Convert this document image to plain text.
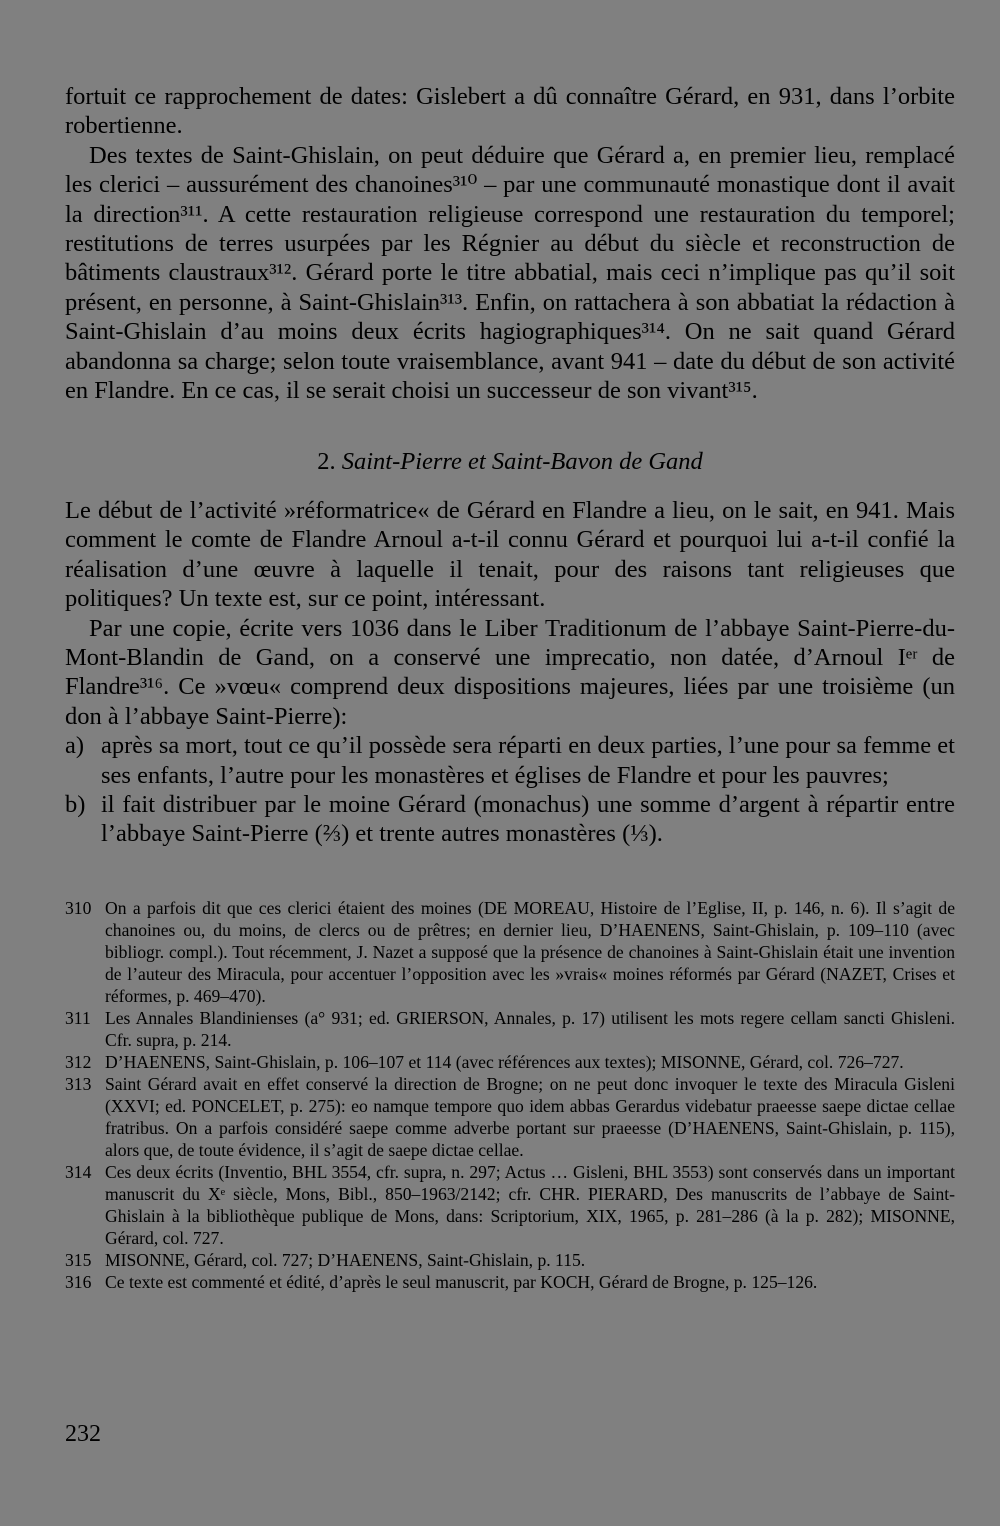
fortuit ce rapprochement de dates: Gislebert a dû connaître Gérard, en 931, dans l’orbite robertienne.

Des textes de Saint-Ghislain, on peut déduire que Gérard a, en premier lieu, remplacé les clerici – aussurément des chanoines³¹⁰ – par une communauté monastique dont il avait la direction³¹¹. A cette restauration religieuse correspond une restauration du temporel; restitutions de terres usurpées par les Régnier au début du siècle et reconstruction de bâtiments claustraux³¹². Gérard porte le titre abbatial, mais ceci n’implique pas qu’il soit présent, en personne, à Saint-Ghislain³¹³. Enfin, on rattachera à son abbatiat la rédaction à Saint-Ghislain d’au moins deux écrits hagiographiques³¹⁴. On ne sait quand Gérard abandonna sa charge; selon toute vraisemblance, avant 941 – date du début de son activité en Flandre. En ce cas, il se serait choisi un successeur de son vivant³¹⁵.

2. Saint-Pierre et Saint-Bavon de Gand

Le début de l’activité »réformatrice« de Gérard en Flandre a lieu, on le sait, en 941. Mais comment le comte de Flandre Arnoul a-t-il connu Gérard et pourquoi lui a-t-il confié la réalisation d’une œuvre à laquelle il tenait, pour des raisons tant religieuses que politiques? Un texte est, sur ce point, intéressant.

Par une copie, écrite vers 1036 dans le Liber Traditionum de l’abbaye Saint-Pierre-du-Mont-Blandin de Gand, on a conservé une imprecatio, non datée, d’Arnoul Iᵉʳ de Flandre³¹⁶. Ce »vœu« comprend deux dispositions majeures, liées par une troisième (un don à l’abbaye Saint-Pierre):

a) après sa mort, tout ce qu’il possède sera réparti en deux parties, l’une pour sa femme et ses enfants, l’autre pour les monastères et églises de Flandre et pour les pauvres;
b) il fait distribuer par le moine Gérard (monachus) une somme d’argent à répartir entre l’abbaye Saint-Pierre (⅔) et trente autres monastères (⅓).
310 On a parfois dit que ces clerici étaient des moines (DE MOREAU, Histoire de l’Eglise, II, p. 146, n. 6). Il s’agit de chanoines ou, du moins, de clercs ou de prêtres; en dernier lieu, D’HAENENS, Saint-Ghislain, p. 109–110 (avec bibliogr. compl.). Tout récemment, J. Nazet a supposé que la présence de chanoines à Saint-Ghislain était une invention de l’auteur des Miracula, pour accentuer l’opposition avec les »vrais« moines réformés par Gérard (NAZET, Crises et réformes, p. 469–470).
311 Les Annales Blandinienses (a° 931; ed. GRIERSON, Annales, p. 17) utilisent les mots regere cellam sancti Ghisleni. Cfr. supra, p. 214.
312 D’HAENENS, Saint-Ghislain, p. 106–107 et 114 (avec références aux textes); MISONNE, Gérard, col. 726–727.
313 Saint Gérard avait en effet conservé la direction de Brogne; on ne peut donc invoquer le texte des Miracula Gisleni (XXVI; ed. PONCELET, p. 275): eo namque tempore quo idem abbas Gerardus videbatur praeesse saepe dictae cellae fratribus. On a parfois considéré saepe comme adverbe portant sur praeesse (D’HAENENS, Saint-Ghislain, p. 115), alors que, de toute évidence, il s’agit de saepe dictae cellae.
314 Ces deux écrits (Inventio, BHL 3554, cfr. supra, n. 297; Actus … Gisleni, BHL 3553) sont conservés dans un important manuscrit du Xᵉ siècle, Mons, Bibl., 850–1963/2142; cfr. CHR. PIERARD, Des manuscrits de l’abbaye de Saint-Ghislain à la bibliothèque publique de Mons, dans: Scriptorium, XIX, 1965, p. 281–286 (à la p. 282); MISONNE, Gérard, col. 727.
315 MISONNE, Gérard, col. 727; D’HAENENS, Saint-Ghislain, p. 115.
316 Ce texte est commenté et édité, d’après le seul manuscrit, par KOCH, Gérard de Brogne, p. 125–126.
232
